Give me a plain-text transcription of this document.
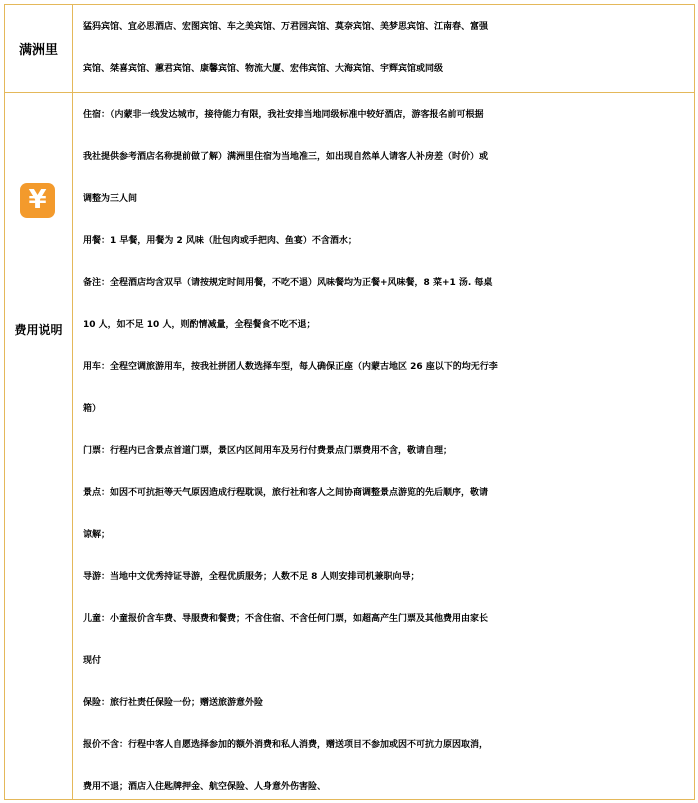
满洲里
猛犸宾馆、宜必思酒店、宏图宾馆、车之美宾馆、万君园宾馆、莫奈宾馆、美梦思宾馆、江南春、富强
宾馆、桀喜宾馆、蕙君宾馆、康馨宾馆、物流大厦、宏伟宾馆、大海宾馆、宇辉宾馆或同级
¥
费用说明
住宿：（内蒙非一线发达城市，接待能力有限，我社安排当地同级标准中较好酒店，游客报名前可根据
我社提供参考酒店名称提前做了解）满洲里住宿为当地准三，如出现自然单人请客人补房差（时价）或
调整为三人间
用餐：1 早餐，用餐为 2 风味（肚包肉或手把肉、鱼宴）不含酒水；
备注：全程酒店均含双早（请按规定时间用餐，不吃不退）风味餐均为正餐+风味餐，8 菜+1 汤. 每桌
10 人，如不足 10 人，则酌情减量，全程餐食不吃不退；
用车：全程空调旅游用车，按我社拼团人数选择车型，每人确保正座（内蒙古地区 26 座以下的均无行李
箱）
门票：行程内已含景点首道门票，景区内区间用车及另行付费景点门票费用不含，敬请自理；
景点：如因不可抗拒等天气原因造成行程耽误，旅行社和客人之间协商调整景点游览的先后顺序，敬请
谅解；
导游：当地中文优秀持证导游，全程优质服务；人数不足 8 人则安排司机兼职向导；
儿童：小童报价含车费、导服费和餐费；不含住宿、不含任何门票，如超高产生门票及其他费用由家长
现付
保险：旅行社责任保险一份；赠送旅游意外险
报价不含：行程中客人自愿选择参加的额外消费和私人消费，赠送项目不参加或因不可抗力原因取消，
费用不退；酒店入住匙牌押金、航空保险、人身意外伤害险、
